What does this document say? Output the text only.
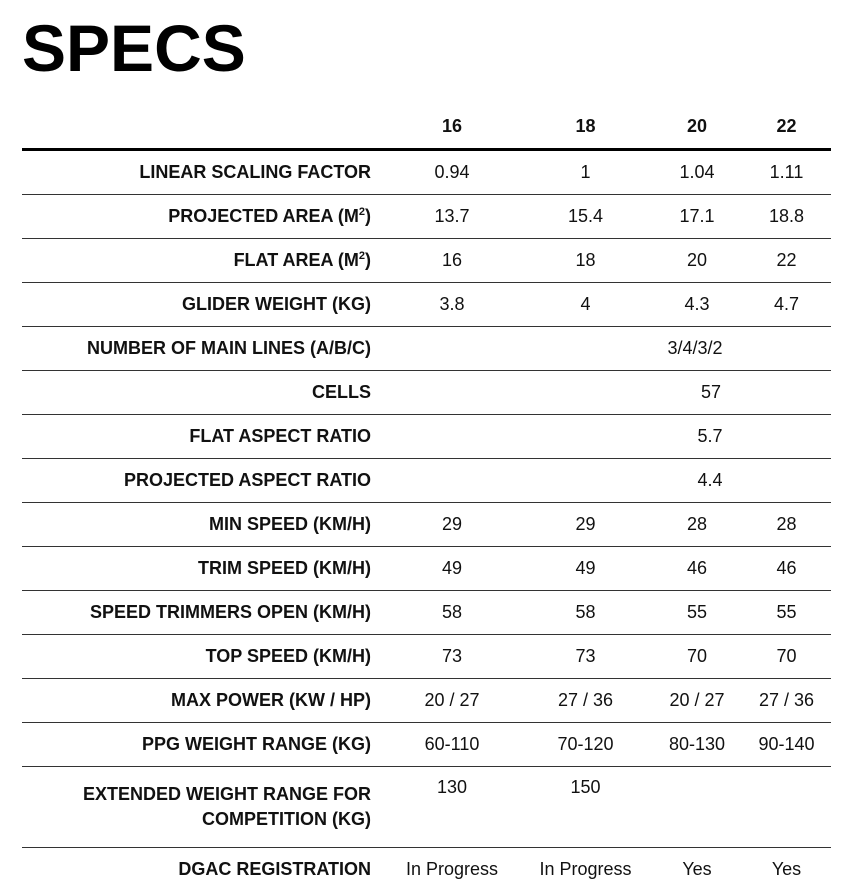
SPECS
	16	18	20	22
LINEAR SCALING FACTOR	0.94	1	1.04	1.11
PROJECTED AREA $(M^2)$	13.7	15.4	17.1	18.8
FLAT AREA $(M^2)$	16	18	20	22
GLIDER WEIGHT (KG)	3.8	4	4.3	4.7
NUMBER OF MAIN LINES (A/B/C)	3/4/3/2			
CELLS	57			
FLAT ASPECT RATIO	5.7			
PROJECTED ASPECT RATIO	4.4			
MIN SPEED (KM/H)	29	29	28	28
TRIM SPEED (KM/H)	49	49	46	46
SPEED TRIMMERS OPEN (KM/H)	58	58	55	55
TOP SPEED (KM/H)	73	73	70	70
MAX POWER (KW / HP)	20 / 27	27 / 36	20 / 27	27 / 36
PPG WEIGHT RANGE (KG)	60-110	70-120	80-130	90-140
EXTENDED WEIGHT RANGE FOR
COMPETITION (KG)	130	150		
DGAC REGISTRATION	In Progress	In Progress	Yes	Yes
